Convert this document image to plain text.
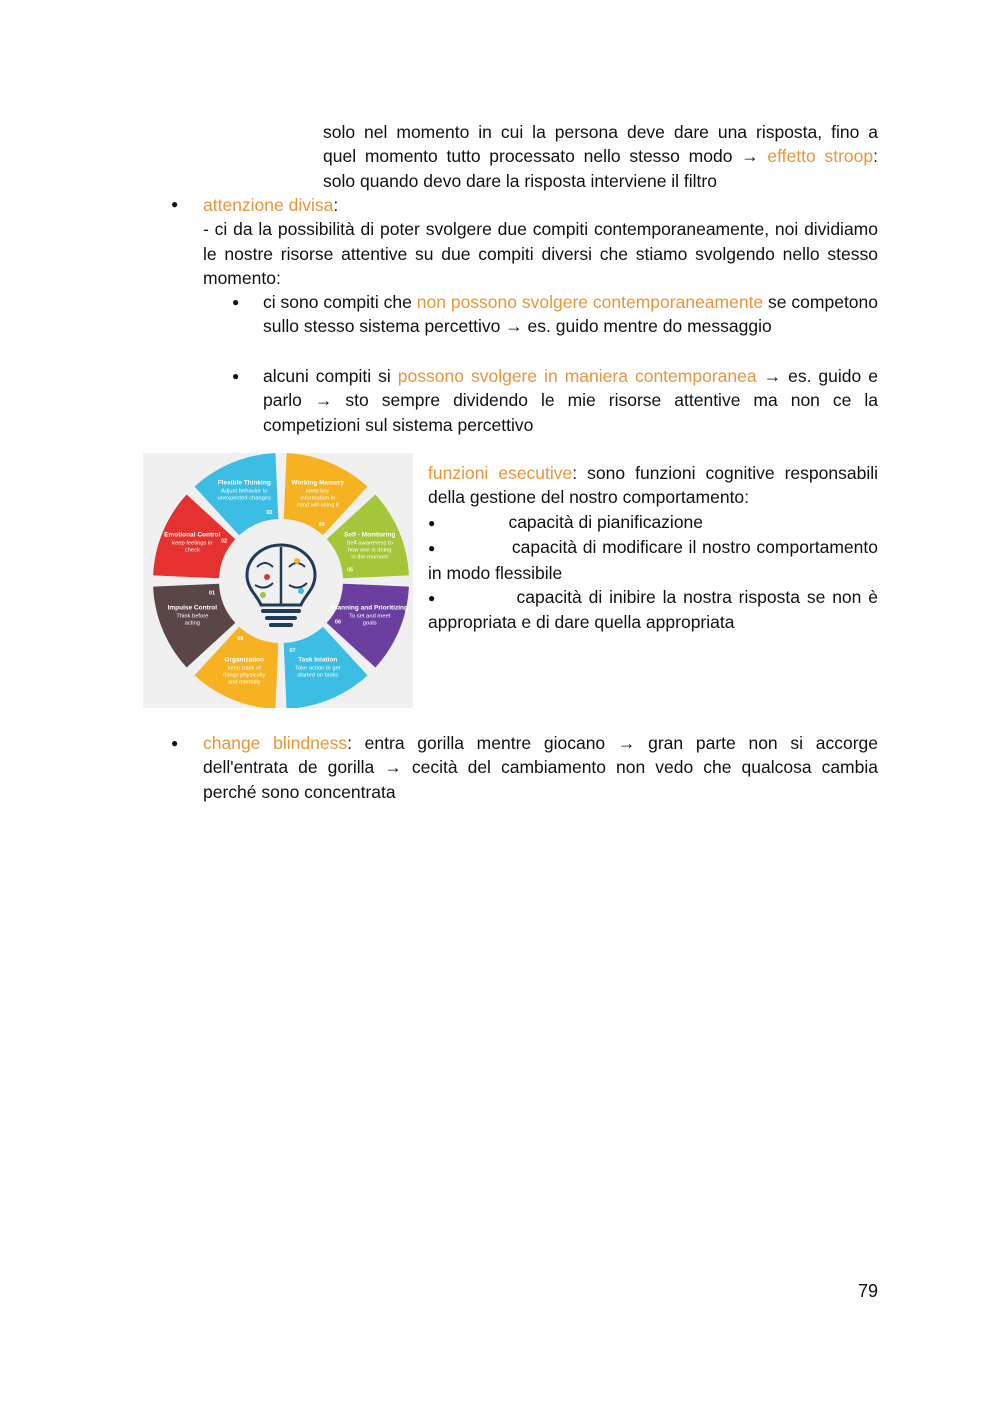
solo nel momento in cui la persona deve dare una risposta, fino a

quel momento tutto processato nello stesso modo → effetto stroop:

solo quando devo dare la risposta interviene il filtro

● attenzione divisa:

- ci da la possibilità di poter svolgere due compiti contemporaneamente, noi dividiamo le nostre risorse attentive su due compiti diversi che stiamo svolgendo nello stesso momento:

● ci sono compiti che non possono svolgere contemporaneamente se competono sullo stesso sistema percettivo → es. guido mentre do messaggio

● alcuni compiti si possono svolgere in maniera contemporanea → es. guido e parlo → sto sempre dividendo le mie risorse attentive ma non ce la competizioni sul sistema percettivo

Impulse Control
Think before
acting
01
Emotional Control
keep feelings in
check
02
Flexible Thinking
Adjust behavior to
unexpected changes
03
Working Memory
keep key
information in
mind will using it
04
Self - Monitoring
Self-awareness to
how one is doing
in the moment
05
Planning and Prioritizing
To set and meet
goals
06
Task Iniation
Take action to get
started on tasks
07
Organization
keep track of
things physically
and mentally
08

funzioni esecutive: sono funzioni cognitive responsabili della gestione del nostro comportamento:

●	capacità di pianificazione

●	capacità di modificare il nostro comportamento in modo flessibile

●	capacità di inibire la nostra risposta se non è appropriata e di dare quella appropriata

● change blindness: entra gorilla mentre giocano → gran parte non si accorge dell'entrata de gorilla → cecità del cambiamento non vedo che qualcosa cambia perché sono concentrata

79
